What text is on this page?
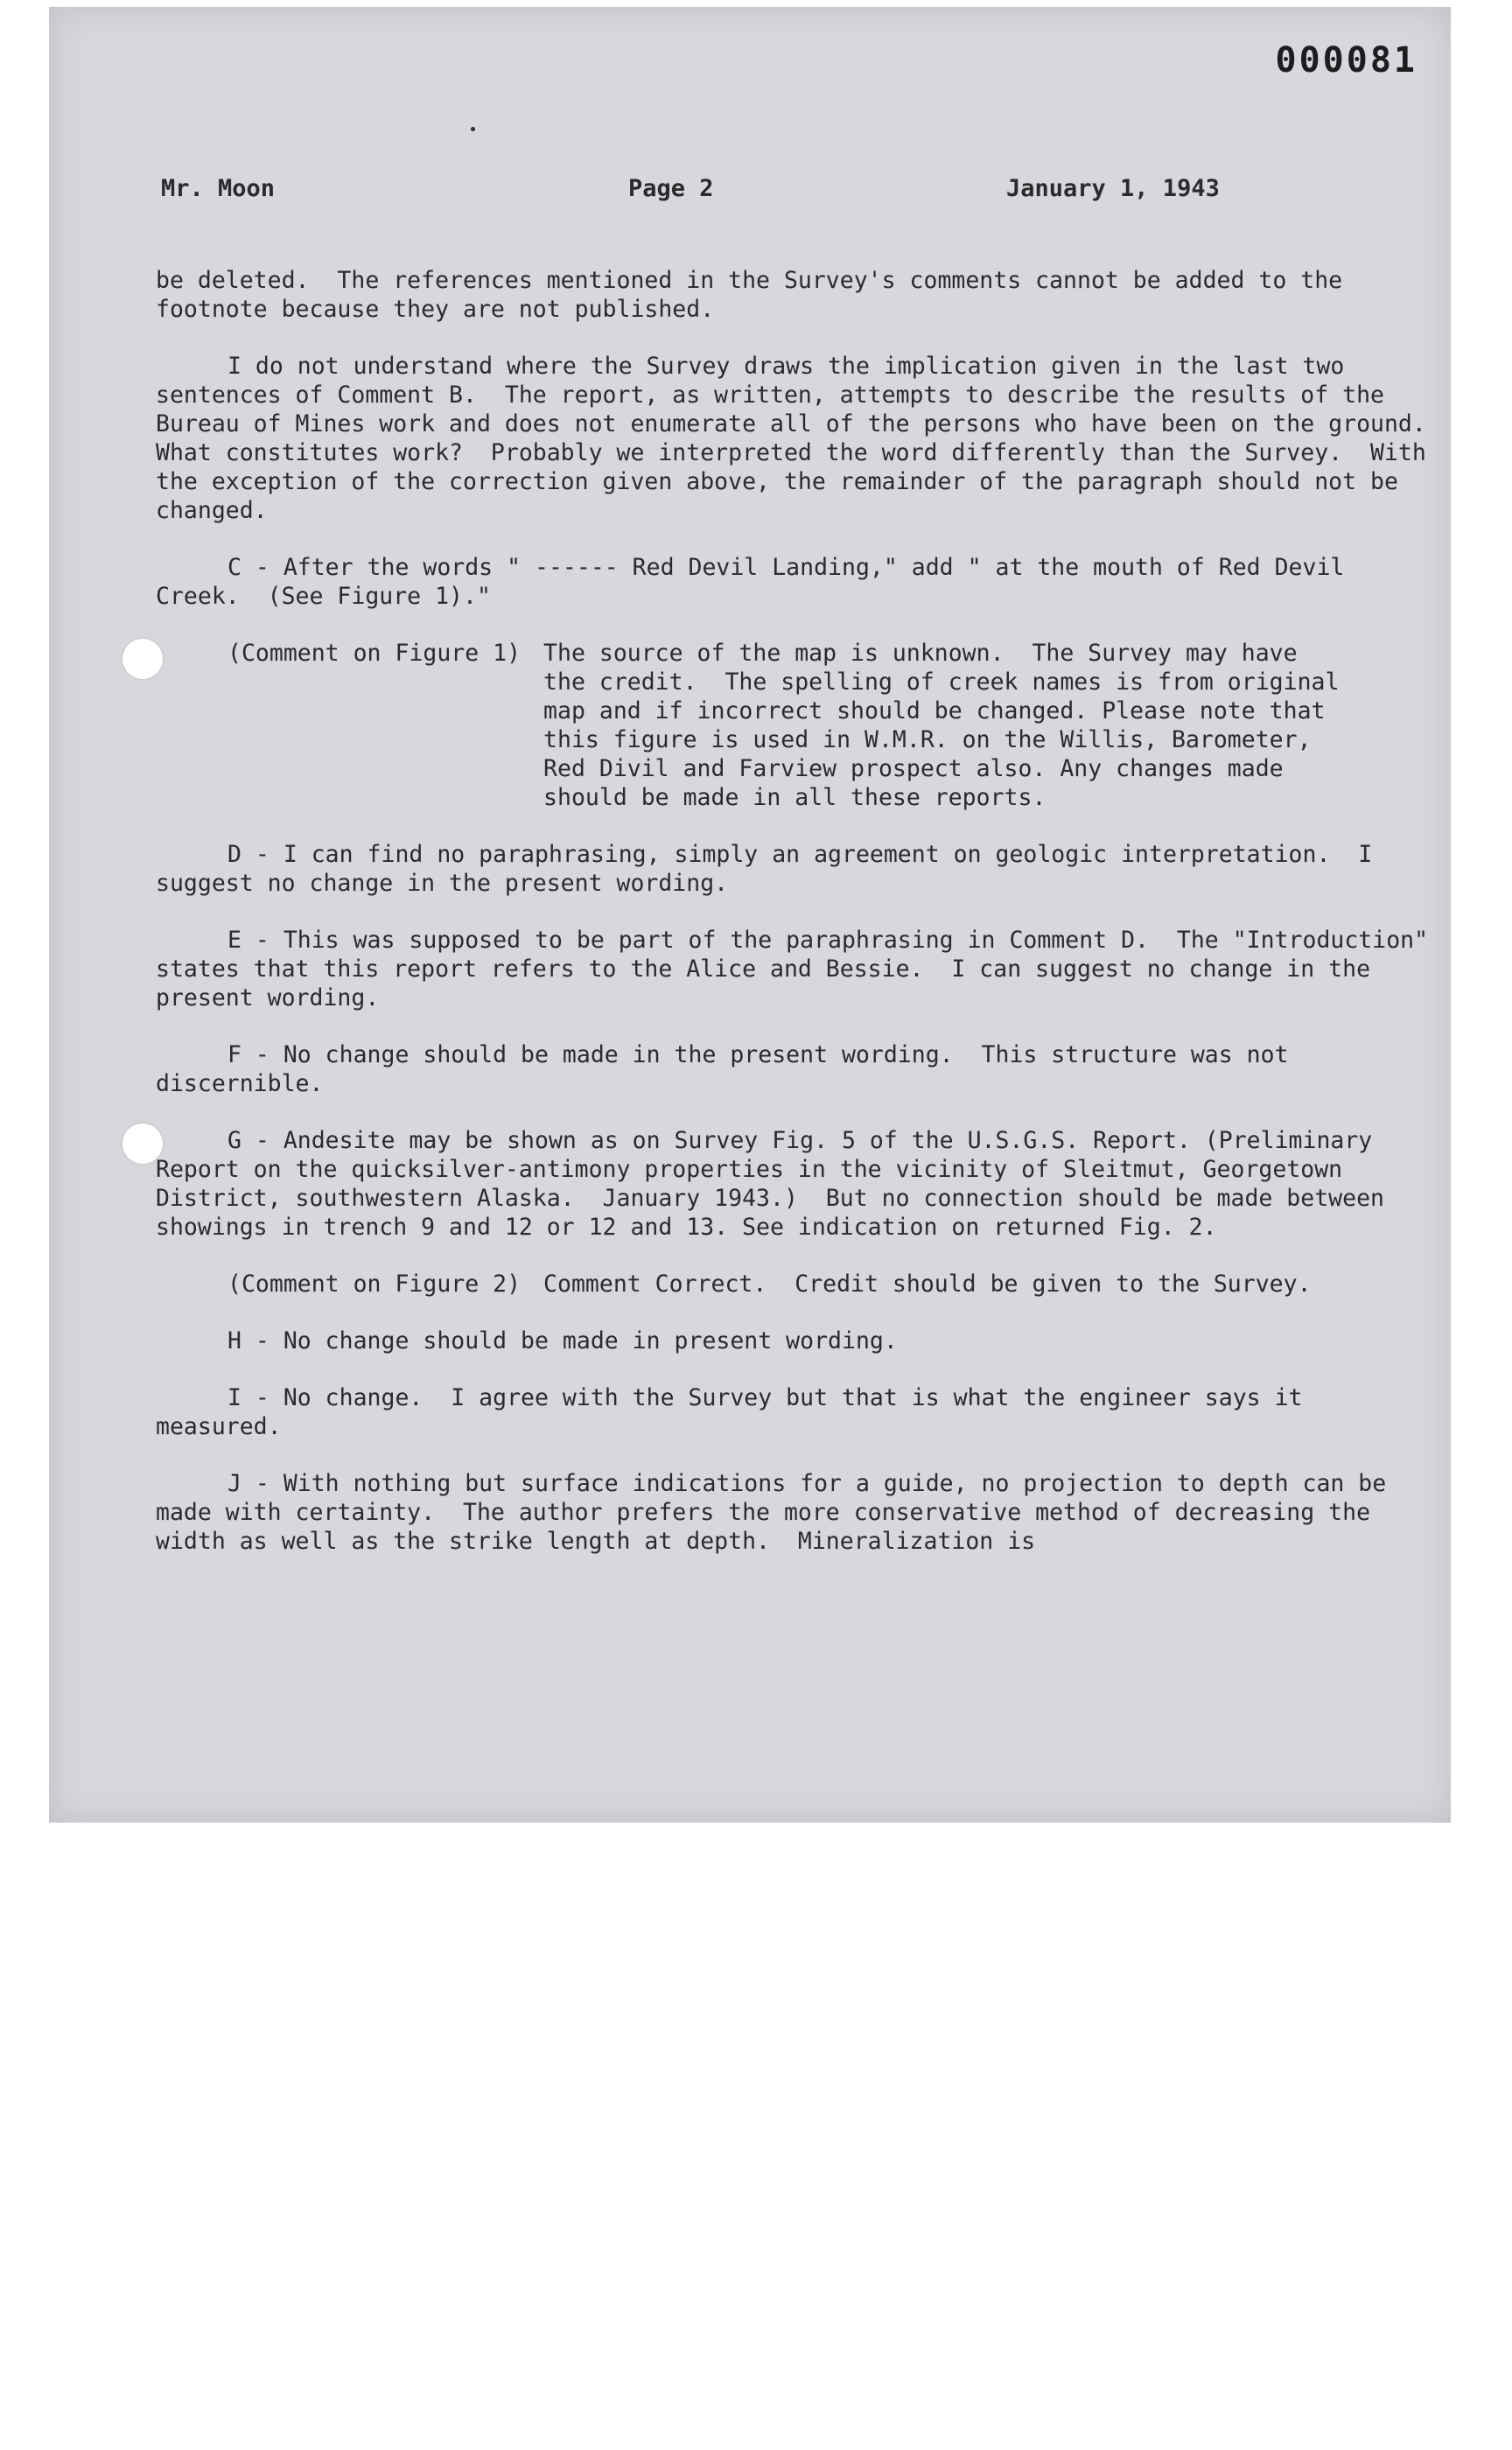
000081
Mr. Moon	Page 2	January 1, 1943

be deleted.  The references mentioned in the Survey's comments cannot be added to the footnote because they are not published.

I do not understand where the Survey draws the implication given in the last two sentences of Comment B.  The report, as written, attempts to describe the results of the Bureau of Mines work and does not enumerate all of the persons who have been on the ground.  What constitutes work?  Probably we interpreted the word differently than the Survey.  With the exception of the correction given above, the remainder of the paragraph should not be changed.

C - After the words " ------ Red Devil Landing," add " at the mouth of Red Devil Creek.  (See Figure 1)."

(Comment on Figure 1) The source of the map is unknown.  The Survey may have the credit.  The spelling of creek names is from original map and if incorrect should be changed. Please note that this figure is used in W.M.R. on the Willis, Barometer, Red Divil and Farview prospect also. Any changes made should be made in all these reports.

D - I can find no paraphrasing, simply an agreement on geologic interpretation.  I suggest no change in the present wording.

E - This was supposed to be part of the paraphrasing in Comment D.  The "Introduction" states that this report refers to the Alice and Bessie.  I can suggest no change in the present wording.

F - No change should be made in the present wording.  This structure was not discernible.

G - Andesite may be shown as on Survey Fig. 5 of the U.S.G.S. Report. (Preliminary Report on the quicksilver-antimony properties in the vicinity of Sleitmut, Georgetown District, southwestern Alaska.  January 1943.)  But no connection should be made between showings in trench 9 and 12 or 12 and 13. See indication on returned Fig. 2.

(Comment on Figure 2) Comment Correct.  Credit should be given to the Survey.

H - No change should be made in present wording.

I - No change.  I agree with the Survey but that is what the engineer says it measured.

J - With nothing but surface indications for a guide, no projection to depth can be made with certainty.  The author prefers the more conservative method of decreasing the width as well as the strike length at depth.  Mineralization is
